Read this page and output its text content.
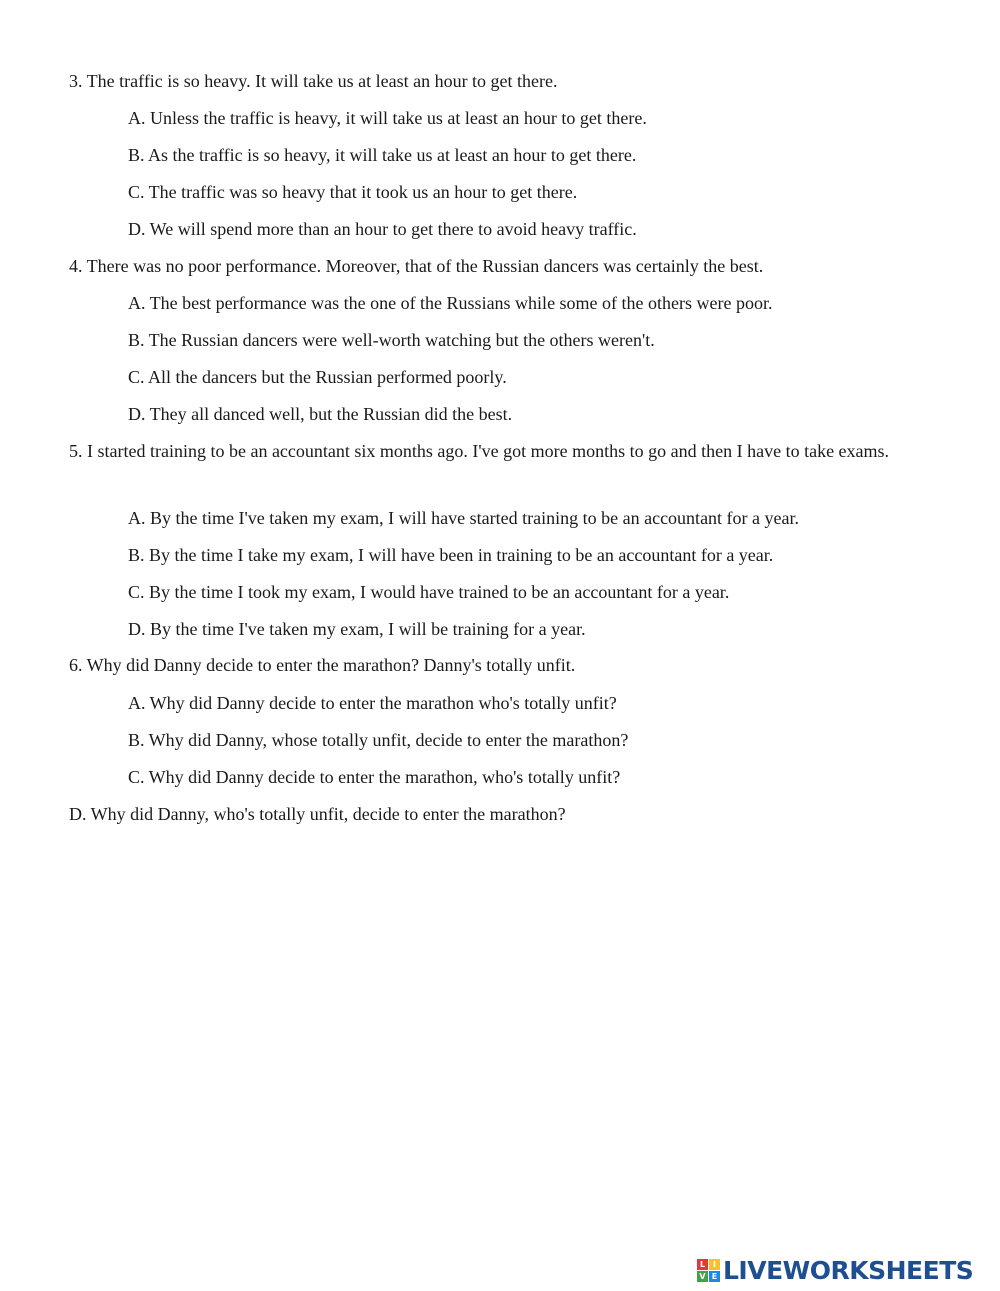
3. The traffic is so heavy. It will take us at least an hour to get there.
A. Unless the traffic is heavy, it will take us at least an hour to get there.
B. As the traffic is so heavy, it will take us at least an hour to get there.
C. The traffic was so heavy that it took us an hour to get there.
D. We will spend more than an hour to get there to avoid heavy traffic.
4. There was no poor performance. Moreover, that of the Russian dancers was certainly the best.
A. The best performance was the one of the Russians while some of the others were poor.
B. The Russian dancers were well-worth watching but the others weren't.
C. All the dancers but the Russian performed poorly.
D. They all danced well, but the Russian did the best.
5. I started training to be an accountant six months ago. I've got more months to go and then I have to take exams.
A. By the time I've taken my exam, I will have started training to be an accountant for a year.
B. By the time I take my exam, I will have been in training to be an accountant for a year.
C. By the time I took my exam, I would have trained to be an accountant for a year.
D. By the time I've taken my exam, I will be training for a year.
6. Why did Danny decide to enter the marathon? Danny's totally unfit.
A. Why did Danny decide to enter the marathon who's totally unfit?
B. Why did Danny, whose totally unfit, decide to enter the marathon?
C. Why did Danny decide to enter the marathon, who's totally unfit?
D. Why did Danny, who's totally unfit, decide to enter the marathon?
L I
V E LIVEWORKSHEETS
